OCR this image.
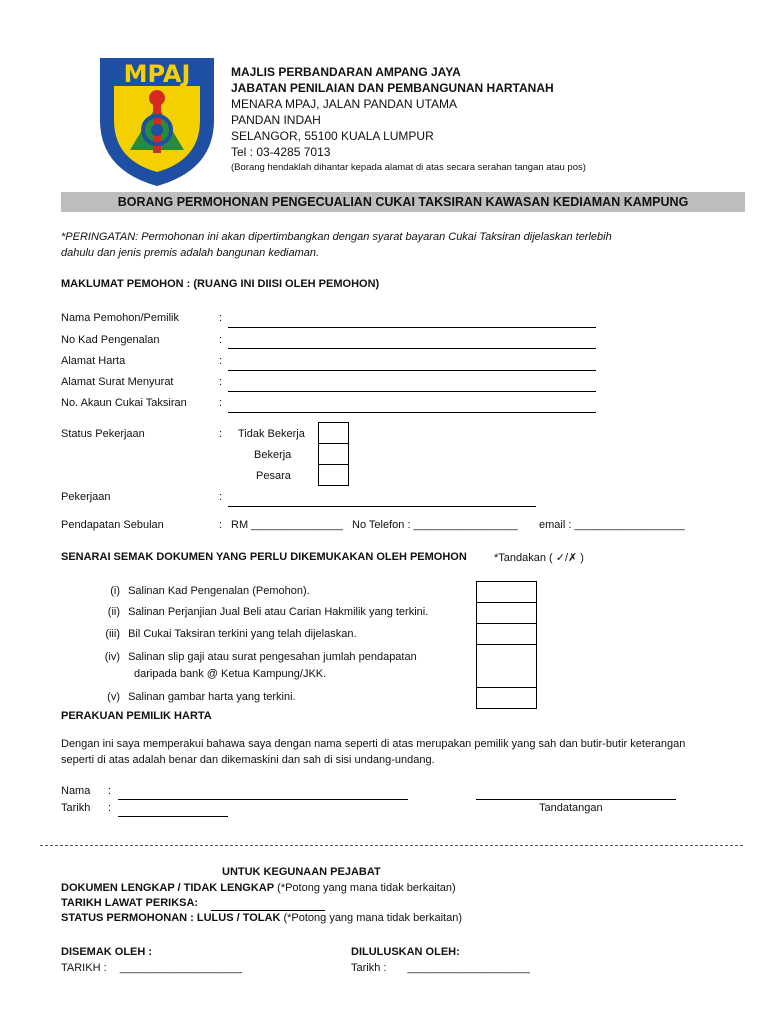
MPAJ	MAJLIS PERBANDARAN AMPANG JAYA
JABATAN PENILAIAN DAN PEMBANGUNAN HARTANAH
MENARA MPAJ, JALAN PANDAN UTAMA
PANDAN INDAH
SELANGOR, 55100 KUALA LUMPUR
Tel : 03-4285 7013
(Borang hendaklah dihantar kepada alamat di atas secara serahan tangan atau pos)
BORANG PERMOHONAN PENGECUALIAN CUKAI TAKSIRAN KAWASAN KEDIAMAN KAMPUNG
*PERINGATAN: Permohonan ini akan dipertimbangkan dengan syarat bayaran Cukai Taksiran dijelaskan terlebih
dahulu dan jenis premis adalah bangunan kediaman.
MAKLUMAT PEMOHON : (RUANG INI DIISI OLEH PEMOHON)
Nama Pemohon/Pemilik	:
No Kad Pengenalan	:
Alamat Harta	:
Alamat Surat Menyurat	:
No. Akaun Cukai Taksiran	:
Status Pekerjaan	: Tidak Bekerja
Bekerja
Pesara
Pekerjaan	:
Pendapatan Sebulan	: RM _______________ No Telefon : _________________ email : __________________
SENARAI SEMAK DOKUMEN YANG PERLU DIKEMUKAKAN OLEH PEMOHON *Tandakan ( ✓/✗ )
(i) Salinan Kad Pengenalan (Pemohon).
(ii) Salinan Perjanjian Jual Beli atau Carian Hakmilik yang terkini.
(iii) Bil Cukai Taksiran terkini yang telah dijelaskan.
(iv) Salinan slip gaji atau surat pengesahan jumlah pendapatan
daripada bank @ Ketua Kampung/JKK.
(v) Salinan gambar harta yang terkini.
PERAKUAN PEMILIK HARTA
Dengan ini saya memperakui bahawa saya dengan nama seperti di atas merupakan pemilik yang sah dan butir-butir keterangan
seperti di atas adalah benar dan dikemaskini dan sah di sisi undang-undang.
Nama :
Tarikh :	Tandatangan
UNTUK KEGUNAAN PEJABAT
DOKUMEN LENGKAP / TIDAK LENGKAP (*Potong yang mana tidak berkaitan)
TARIKH LAWAT PERIKSA:
STATUS PERMOHONAN : LULUS / TOLAK (*Potong yang mana tidak berkaitan)
DISEMAK OLEH :	DILULUSKAN OLEH:
TARIKH : ____________________	Tarikh : ____________________
